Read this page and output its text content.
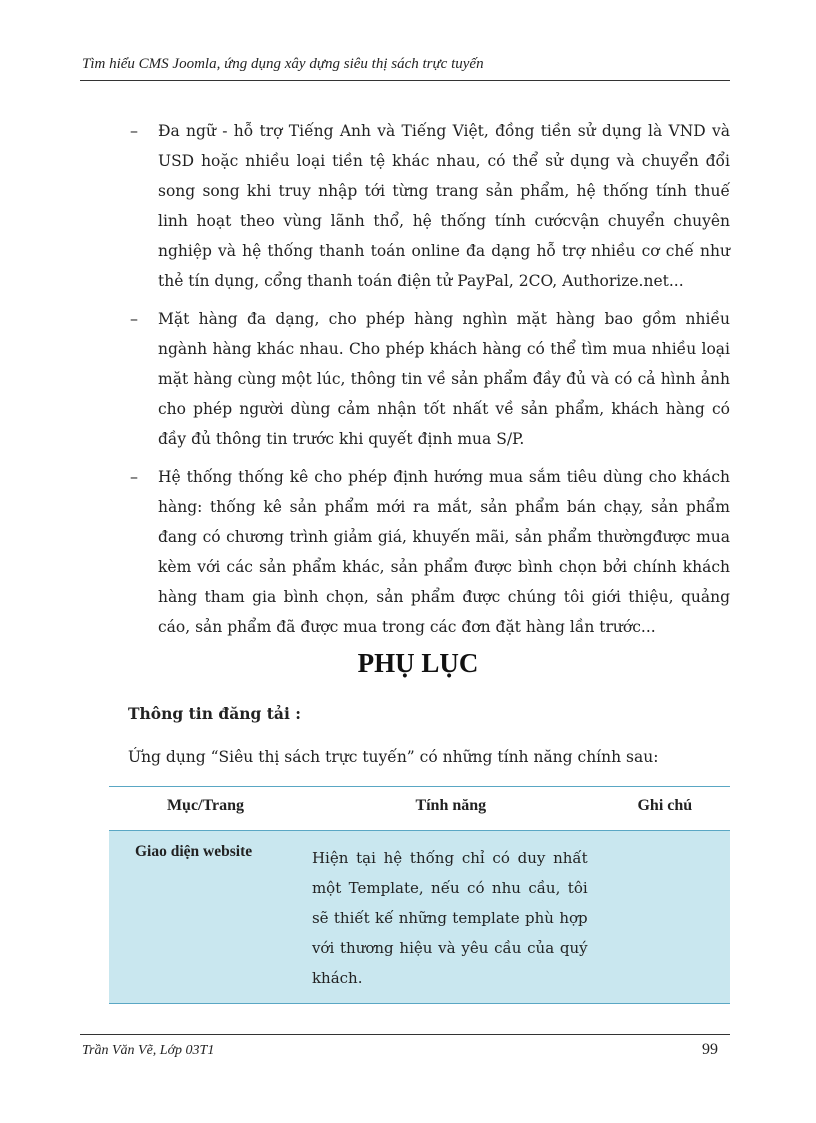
Tìm hiểu CMS Joomla, ứng dụng xây dựng siêu thị sách trực tuyến
– Đa ngữ - hỗ trợ Tiếng Anh và Tiếng Việt, đồng tiền sử dụng là VND và USD hoặc nhiều loại tiền tệ khác nhau, có thể sử dụng và chuyển đổi song song khi truy nhập tới từng trang sản phẩm, hệ thống tính thuế linh hoạt theo vùng lãnh thổ, hệ thống tính cướcvận chuyển chuyên nghiệp và hệ thống thanh toán online đa dạng hỗ trợ nhiều cơ chế như thẻ tín dụng, cổng thanh toán điện tử PayPal, 2CO, Authorize.net...
– Mặt hàng đa dạng, cho phép hàng nghìn mặt hàng bao gồm nhiều ngành hàng khác nhau. Cho phép khách hàng có thể tìm mua nhiều loại mặt hàng cùng một lúc, thông tin về sản phẩm đầy đủ và có cả hình ảnh cho phép người dùng cảm nhận tốt nhất về sản phẩm, khách hàng có đầy đủ thông tin trước khi quyết định mua S/P.
– Hệ thống thống kê cho phép định hướng mua sắm tiêu dùng cho khách hàng: thống kê sản phẩm mới ra mắt, sản phẩm bán chạy, sản phẩm đang có chương trình giảm giá, khuyến mãi, sản phẩm thườngđược mua kèm với các sản phẩm khác, sản phẩm được bình chọn bởi chính khách hàng tham gia bình chọn, sản phẩm được chúng tôi giới thiệu, quảng cáo, sản phẩm đã được mua trong các đơn đặt hàng lần trước...
PHỤ LỤC
Thông tin đăng tải :
Ứng dụng “Siêu thị sách trực tuyến” có những tính năng chính sau:
Mục/Trang	Tính năng	Ghi chú
Giao diện website	Hiện tại hệ thống chỉ có duy nhất một Template, nếu có nhu cầu, tôi sẽ thiết kế những template phù hợp với thương hiệu và yêu cầu của quý khách.	
Trần Văn Vẽ, Lớp 03T1	99
